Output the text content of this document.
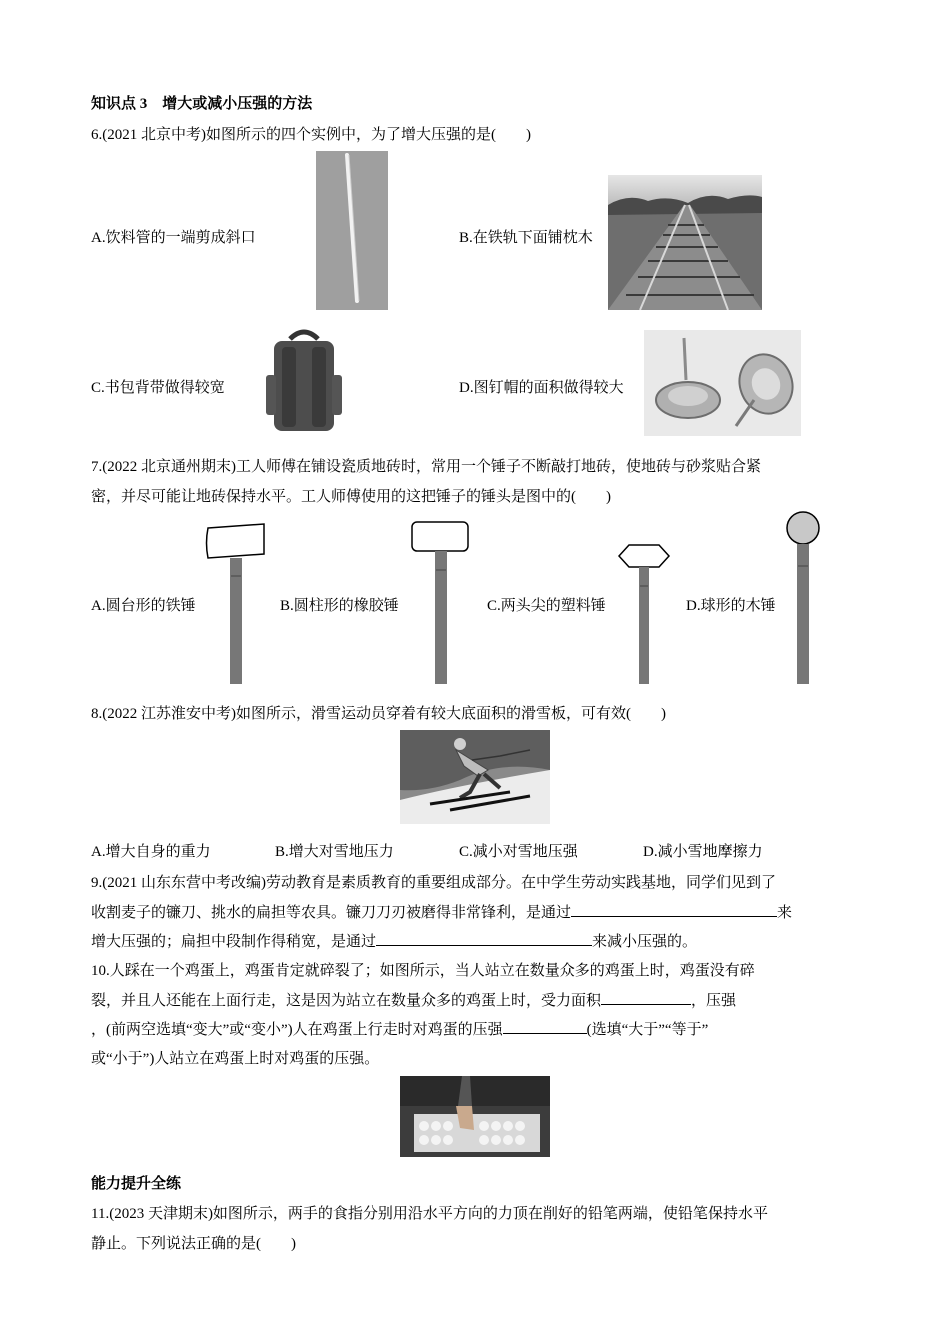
知识点 3　增大或减小压强的方法
6.(2021 北京中考)如图所示的四个实例中，为了增大压强的是(　　)
A.饮料管的一端剪成斜口	B.在铁轨下面铺枕木
C.书包背带做得较宽	D.图钉帽的面积做得较大
7.(2022 北京通州期末)工人师傅在铺设瓷质地砖时，常用一个锤子不断敲打地砖，使地砖与砂浆贴合紧
密，并尽可能让地砖保持水平。工人师傅使用的这把锤子的锤头是图中的(　　)
A.圆台形的铁锤	B.圆柱形的橡胶锤	C.两头尖的塑料锤	D.球形的木锤
8.(2022 江苏淮安中考)如图所示，滑雪运动员穿着有较大底面积的滑雪板，可有效(　　)
A.增大自身的重力	B.增大对雪地压力	C.减小对雪地压强	D.减小雪地摩擦力
9.(2021 山东东营中考改编)劳动教育是素质教育的重要组成部分。在中学生劳动实践基地，同学们见到了
收割麦子的镰刀、挑水的扁担等农具。镰刀刀刃被磨得非常锋利，是通过	来
增大压强的；扁担中段制作得稍宽，是通过	来减小压强的。
10.人踩在一个鸡蛋上，鸡蛋肯定就碎裂了；如图所示，当人站立在数量众多的鸡蛋上时，鸡蛋没有碎
裂，并且人还能在上面行走，这是因为站立在数量众多的鸡蛋上时，受力面积	，压强
，(前两空选填“变大”或“变小”)人在鸡蛋上行走时对鸡蛋的压强	(选填“大于”“等于”
或“小于”)人站立在鸡蛋上时对鸡蛋的压强。
能力提升全练
11.(2023 天津期末)如图所示，两手的食指分别用沿水平方向的力顶在削好的铅笔两端，使铅笔保持水平
静止。下列说法正确的是(　　)
